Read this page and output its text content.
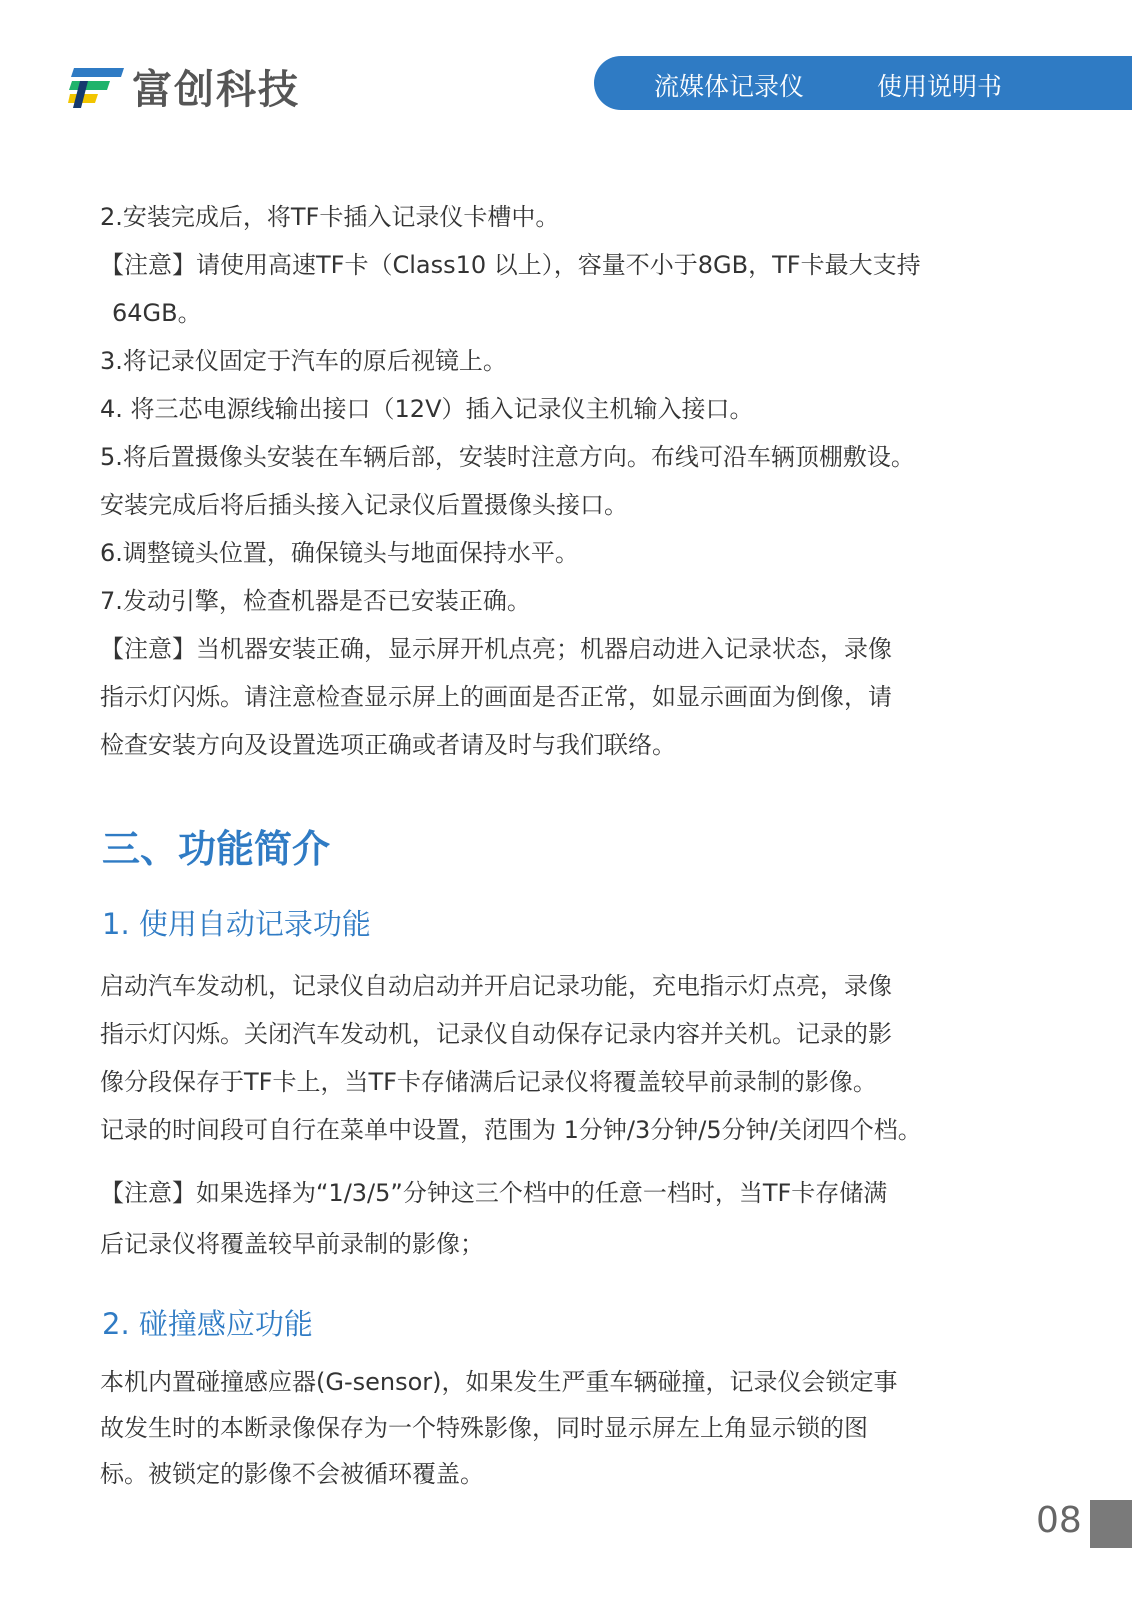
富创科技	流媒体记录仪	使用说明书

2.安装完成后，将TF卡插入记录仪卡槽中。

【注意】请使用高速TF卡（Class10 以上），容量不小于8GB，TF卡最大支持

64GB。

3.将记录仪固定于汽车的原后视镜上。

4. 将三芯电源线输出接口（12V）插入记录仪主机输入接口。

5.将后置摄像头安装在车辆后部，安装时注意方向。布线可沿车辆顶棚敷设。

安装完成后将后插头接入记录仪后置摄像头接口。

6.调整镜头位置，确保镜头与地面保持水平。

7.发动引擎，检查机器是否已安装正确。

【注意】当机器安装正确，显示屏开机点亮；机器启动进入记录状态，录像

指示灯闪烁。请注意检查显示屏上的画面是否正常，如显示画面为倒像，请

检查安装方向及设置选项正确或者请及时与我们联络。

三、功能简介
1. 使用自动记录功能

启动汽车发动机，记录仪自动启动并开启记录功能，充电指示灯点亮，录像

指示灯闪烁。关闭汽车发动机，记录仪自动保存记录内容并关机。记录的影

像分段保存于TF卡上，当TF卡存储满后记录仪将覆盖较早前录制的影像。

记录的时间段可自行在菜单中设置，范围为 1分钟/3分钟/5分钟/关闭四个档。

【注意】如果选择为“1/3/5”分钟这三个档中的任意一档时，当TF卡存储满

后记录仪将覆盖较早前录制的影像；

2. 碰撞感应功能

本机内置碰撞感应器(G-sensor)，如果发生严重车辆碰撞，记录仪会锁定事

故发生时的本断录像保存为一个特殊影像，同时显示屏左上角显示锁的图

标。被锁定的影像不会被循环覆盖。

08
